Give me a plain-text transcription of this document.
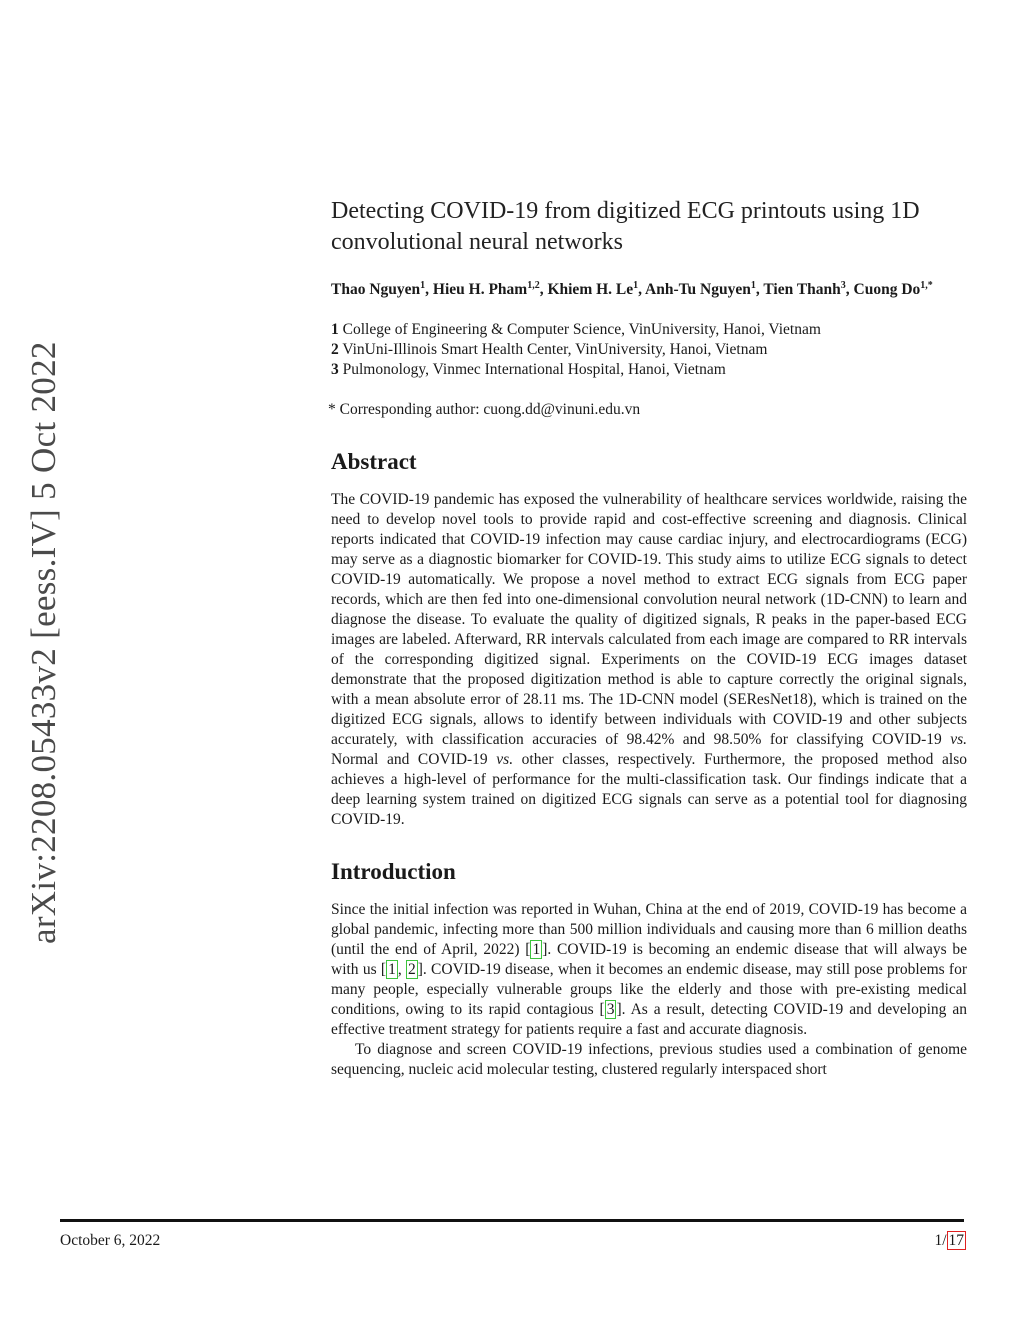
arXiv:2208.05433v2 [eess.IV] 5 Oct 2022
Detecting COVID-19 from digitized ECG printouts using 1D convolutional neural networks

Thao Nguyen$^1$, Hieu H. Pham$^{1,2}$, Khiem H. Le$^1$, Anh-Tu Nguyen$^1$, Tien Thanh$^3$, Cuong $Do^{1,*}$

1 College of Engineering & Computer Science, VinUniversity, Hanoi, Vietnam
2 VinUni-Illinois Smart Health Center, VinUniversity, Hanoi, Vietnam
3 Pulmonology, Vinmec International Hospital, Hanoi, Vietnam
* Corresponding author: cuong.dd@vinuni.edu.vn
Abstract

The COVID-19 pandemic has exposed the vulnerability of healthcare services worldwide, raising the need to develop novel tools to provide rapid and cost-effective screening and diagnosis. Clinical reports indicated that COVID-19 infection may cause cardiac injury, and electrocardiograms (ECG) may serve as a diagnostic biomarker for COVID-19. This study aims to utilize ECG signals to detect COVID-19 automatically. We propose a novel method to extract ECG signals from ECG paper records, which are then fed into one-dimensional convolution neural network (1D-CNN) to learn and diagnose the disease. To evaluate the quality of digitized signals, R peaks in the paper-based ECG images are labeled. Afterward, RR intervals calculated from each image are compared to RR intervals of the corresponding digitized signal. Experiments on the COVID-19 ECG images dataset demonstrate that the proposed digitization method is able to capture correctly the original signals, with a mean absolute error of 28.11 ms. The 1D-CNN model (SEResNet18), which is trained on the digitized ECG signals, allows to identify between individuals with COVID-19 and other subjects accurately, with classification accuracies of 98.42% and 98.50% for classifying COVID-19 vs. Normal and COVID-19 vs. other classes, respectively. Furthermore, the proposed method also achieves a high-level of performance for the multi-classification task. Our findings indicate that a deep learning system trained on digitized ECG signals can serve as a potential tool for diagnosing COVID-19.

Introduction

Since the initial infection was reported in Wuhan, China at the end of 2019, COVID-19 has become a global pandemic, infecting more than 500 million individuals and causing more than 6 million deaths (until the end of April, 2022) [ 1 ]. COVID-19 is becoming an endemic disease that will always be with us [ 1 , 2 ]. COVID-19 disease, when it becomes an endemic disease, may still pose problems for many people, especially vulnerable groups like the elderly and those with pre-existing medical conditions, owing to its rapid contagious [ 3 ]. As a result, detecting COVID-19 and developing an effective treatment strategy for patients require a fast and accurate diagnosis.

To diagnose and screen COVID-19 infections, previous studies used a combination of genome sequencing, nucleic acid molecular testing, clustered regularly interspaced short

October 6, 2022	1/ 17
